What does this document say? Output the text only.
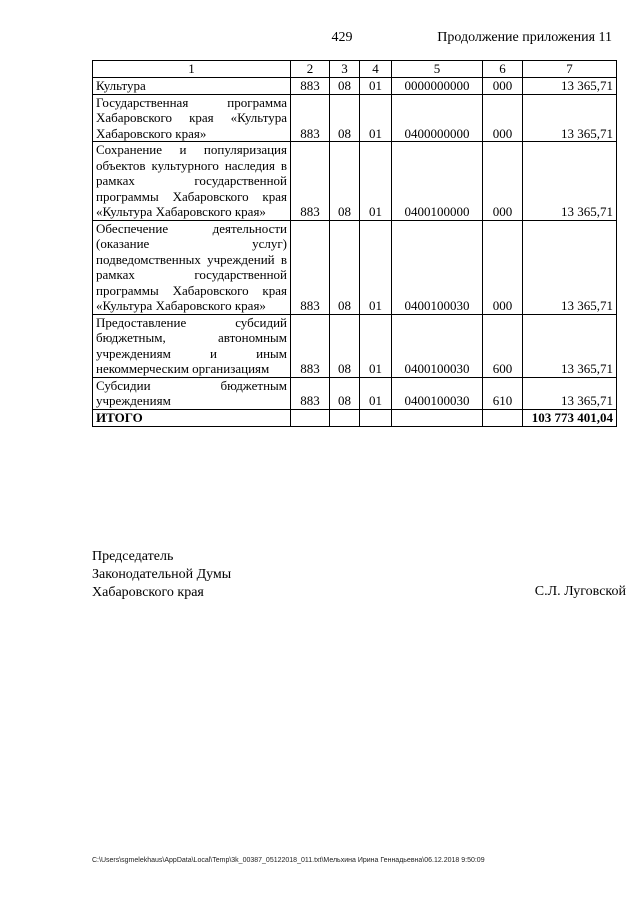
429	Продолжение приложения 11
1	2	3	4	5	6	7
Культура	883	08	01	0000000000	000	13 365,71
Государственная программа Хабаровского края «Культура Хабаровского края»	883	08	01	0400000000	000	13 365,71
Сохранение и популяризация объектов культурного наследия в рамках государственной программы Хабаровского края «Культура Хабаровского края»	883	08	01	0400100000	000	13 365,71
Обеспечение деятельности (оказание услуг) подведомственных учреждений в рамках государственной программы Хабаровского края «Культура Хабаровского края»	883	08	01	0400100030	000	13 365,71
Предоставление субсидий бюджетным, автономным учреждениям и иным некоммерческим организациям	883	08	01	0400100030	600	13 365,71
Субсидии бюджетным учреждениям	883	08	01	0400100030	610	13 365,71
ИТОГО						103 773 401,04
Председатель
Законодательной Думы
Хабаровского края	С.Л. Луговской
C:\Users\sgmelekhaus\AppData\Local\Temp\3k_00387_05122018_011.txt\Мельхина Ирина Геннадьевна\06.12.2018 9:50:09
